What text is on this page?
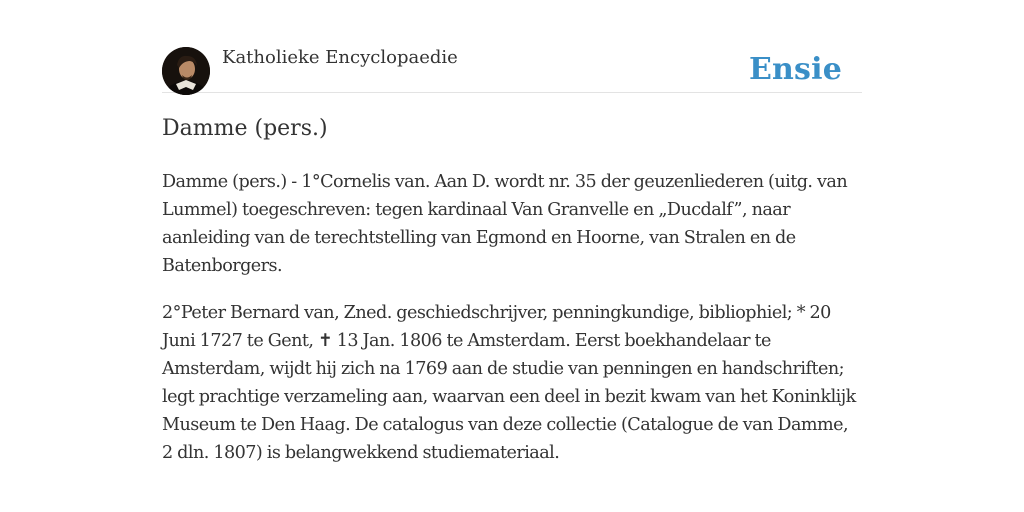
Katholieke Encyclopaedie	Ensie
Damme (pers.)

Damme (pers.) - 1°Cornelis van. Aan D. wordt nr. 35 der geuzenliederen (uitg. van Lummel) toegeschreven: tegen kardinaal Van Granvelle en „Ducdalf”, naar aanleiding van de terechtstelling van Egmond en Hoorne, van Stralen en de Batenborgers.

2°Peter Bernard van, Zned. geschiedschrijver, penningkundige, bibliophiel; * 20 Juni 1727 te Gent, ✝ 13 Jan. 1806 te Amsterdam. Eerst boekhandelaar te Amsterdam, wijdt hij zich na 1769 aan de studie van penningen en handschriften; legt prachtige verzameling aan, waarvan een deel in bezit kwam van het Koninklijk Museum te Den Haag. De catalogus van deze collectie (Catalogue de van Damme, 2 dln. 1807) is belangwekkend studiemateriaal.
